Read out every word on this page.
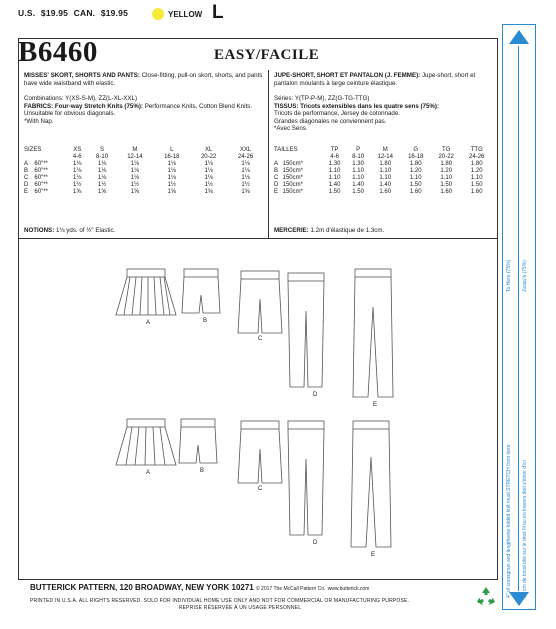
U.S. $19.95 CAN. $19.95	YELLOW L
B6460	EASY/FACILE
MISSES' SKORT, SHORTS AND PANTS: Close-fitting, pull-on skort, shorts, and pants have wide waistband with elastic.
Combinations: Y(XS-S-M), ZZ(L-XL-XXL)
FABRICS: Four-way Stretch Knits (75%): Performance Knits, Cotton Blend Knits.
Unsuitable for obvious diagonals.
*With Nap.
SIZES		XS	S	M	L	XL	XXL
		4-6	8-10	12-14	16-18	20-22	24-26
A	60"**	1⅛	1⅛	1⅛	1⅛	1⅛	1⅛
B	60"**	1⅛	1⅛	1⅛	1⅛	1⅛	1⅛
C	60"**	1⅛	1⅛	1⅛	1⅛	1⅛	1⅛
D	60"**	1½	1½	1½	1½	1½	1½
E	60"**	1⅝	1⅝	1⅝	1⅝	1⅝	1⅝
NOTIONS: 1⅛ yds. of ½" Elastic.
JUPE-SHORT, SHORT ET PANTALON (J. FEMME): Jupe-short, short et pantalon moulants à large ceinture élastique.
Séries: Y(TP-P-M), ZZ(G-TG-TTG)
TISSUS: Tricots extensibles dans les quatre sens (75%):
Tricots de performance, Jersey de cotonnade.
Grandes diagonales ne conviennent pas.
*Avec Sens.
TAILLES		TP	P	M	G	TG	TTG
		4-6	8-10	12-14	16-18	20-22	24-26
A	150cm*	1.30	1.30	1.80	1.80	1.80	1.80
B	150cm*	1.10	1.10	1.10	1.20	1.20	1.20
C	150cm*	1.10	1.10	1.10	1.10	1.10	1.10
D	150cm*	1.40	1.40	1.40	1.50	1.50	1.50
E	150cm*	1.50	1.50	1.60	1.60	1.60	1.60
MERCERIE: 1.2m d'élastique de 1.3cm.
A	B
C
D
E
A	B
C
D
E
BUTTERICK PATTERN, 120 BROADWAY, NEW YORK 10271 © 2017 The McCall Pattern Co. www.butterick.com
PRINTED IN U.S.A. ALL RIGHTS RESERVED. SOLD FOR INDIVIDUAL HOME USE ONLY AND NOT FOR COMMERCIAL OR MANUFACTURING PURPOSE.
REPRISE RÉSERVÉE À UN USAGE PERSONNEL
4" of crossgrain and lengthwise folded knit must STRETCH from here 10 cm de tricot plié sur le droit fil ou en travers doit s'étirer d'ici
To Here (75%) Jusqu'à (75%)
